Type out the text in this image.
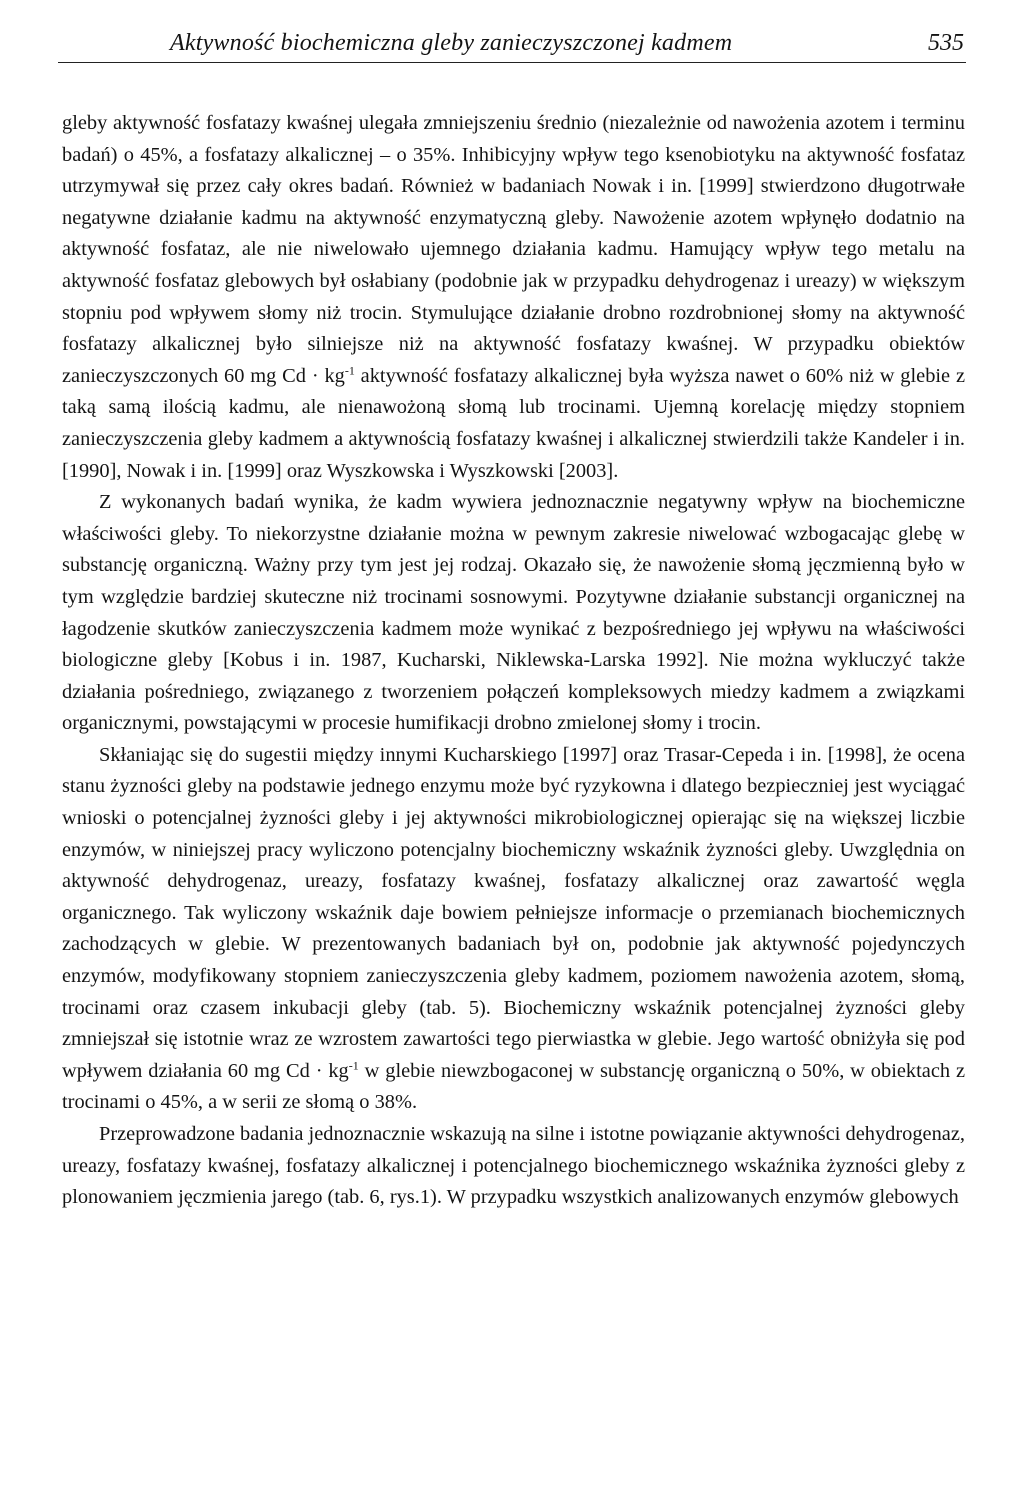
Aktywność biochemiczna gleby zanieczyszczonej kadmem	535

gleby aktywność fosfatazy kwaśnej ulegała zmniejszeniu średnio (niezależnie od nawożenia azotem i terminu badań) o 45%, a fosfatazy alkalicznej – o 35%. Inhibicyjny wpływ tego ksenobiotyku na aktywność fosfataz utrzymywał się przez cały okres badań. Również w badaniach Nowak i in. [1999] stwierdzono długotrwałe negatywne działanie kadmu na aktywność enzymatyczną gleby. Nawożenie azotem wpłynęło dodatnio na aktywność fosfataz, ale nie niwelowało ujemnego działania kadmu. Hamujący wpływ tego metalu na aktywność fosfataz glebowych był osłabiany (podobnie jak w przypadku dehydrogenaz i ureazy) w większym stopniu pod wpływem słomy niż trocin. Stymulujące działanie drobno rozdrobnionej słomy na aktywność fosfatazy alkalicznej było silniejsze niż na aktywność fosfatazy kwaśnej. W przypadku obiektów zanieczyszczonych 60 mg $Cd \cdot kg^{-1}$ aktywność fosfatazy alkalicznej była wyższa nawet o 60% niż w glebie z taką samą ilością kadmu, ale nienawożoną słomą lub trocinami. Ujemną korelację między stopniem zanieczyszczenia gleby kadmem a aktywnością fosfatazy kwaśnej i alkalicznej stwierdzili także Kandeler i in. [1990], Nowak i in. [1999] oraz Wyszkowska i Wyszkowski [2003].

Z wykonanych badań wynika, że kadm wywiera jednoznacznie negatywny wpływ na biochemiczne właściwości gleby. To niekorzystne działanie można w pewnym zakresie niwelować wzbogacając glebę w substancję organiczną. Ważny przy tym jest jej rodzaj. Okazało się, że nawożenie słomą jęczmienną było w tym względzie bardziej skuteczne niż trocinami sosnowymi. Pozytywne działanie substancji organicznej na łagodzenie skutków zanieczyszczenia kadmem może wynikać z bezpośredniego jej wpływu na właściwości biologiczne gleby [Kobus i in. 1987, Kucharski, Niklewska-Larska 1992]. Nie można wykluczyć także działania pośredniego, związanego z tworzeniem połączeń kompleksowych miedzy kadmem a związkami organicznymi, powstającymi w procesie humifikacji drobno zmielonej słomy i trocin.

Skłaniając się do sugestii między innymi Kucharskiego [1997] oraz Trasar-Cepeda i in. [1998], że ocena stanu żyzności gleby na podstawie jednego enzymu może być ryzykowna i dlatego bezpieczniej jest wyciągać wnioski o potencjalnej żyzności gleby i jej aktywności mikrobiologicznej opierając się na większej liczbie enzymów, w niniejszej pracy wyliczono potencjalny biochemiczny wskaźnik żyzności gleby. Uwzględnia on aktywność dehydrogenaz, ureazy, fosfatazy kwaśnej, fosfatazy alkalicznej oraz zawartość węgla organicznego. Tak wyliczony wskaźnik daje bowiem pełniejsze informacje o przemianach biochemicznych zachodzących w glebie. W prezentowanych badaniach był on, podobnie jak aktywność pojedynczych enzymów, modyfikowany stopniem zanieczyszczenia gleby kadmem, poziomem nawożenia azotem, słomą, trocinami oraz czasem inkubacji gleby (tab. 5). Biochemiczny wskaźnik potencjalnej żyzności gleby zmniejszał się istotnie wraz ze wzrostem zawartości tego pierwiastka w glebie. Jego wartość obniżyła się pod wpływem działania 60 mg $Cd \cdot kg^{-1}$ w glebie niewzbogaconej w substancję organiczną o 50%, w obiektach z trocinami o 45%, a w serii ze słomą o 38%.

Przeprowadzone badania jednoznacznie wskazują na silne i istotne powiązanie aktywności dehydrogenaz, ureazy, fosfatazy kwaśnej, fosfatazy alkalicznej i potencjalnego biochemicznego wskaźnika żyzności gleby z plonowaniem jęczmienia jarego (tab. 6, rys.1). W przypadku wszystkich analizowanych enzymów glebowych
